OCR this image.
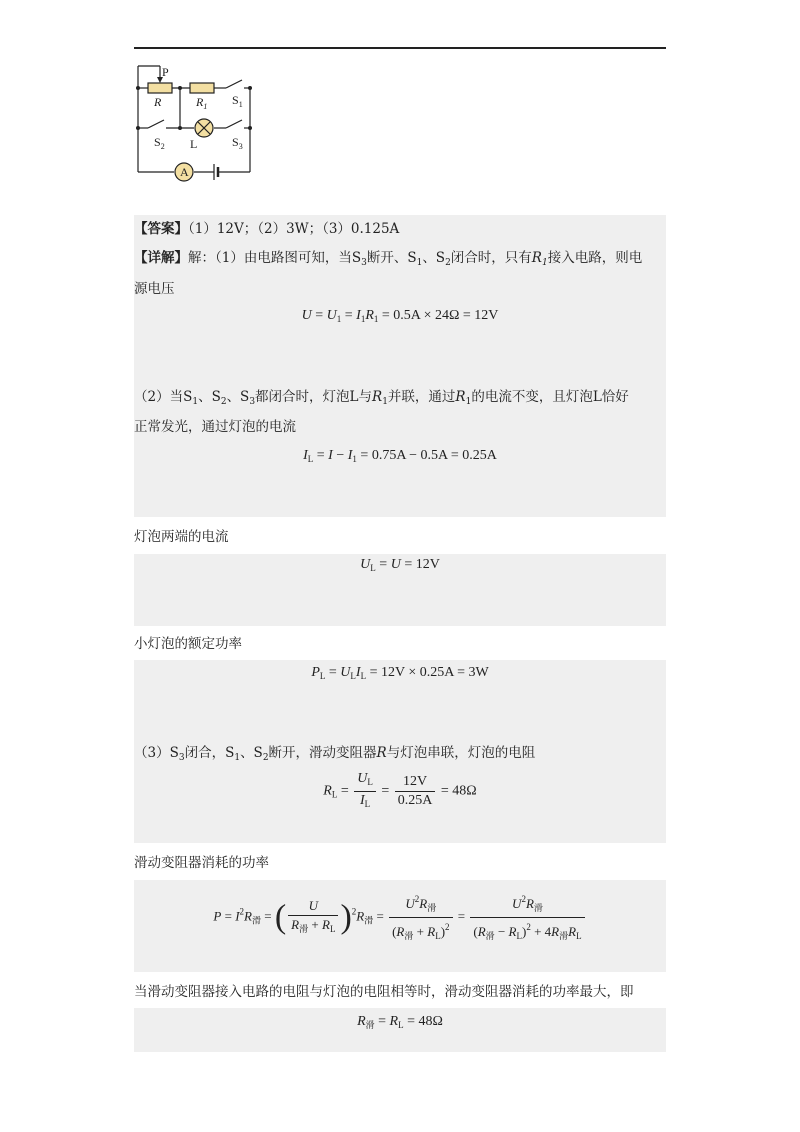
A
P
R	$R_1$ $S_1$
$S_2$ L	$S_3$
【答案】（1）12V；（2）3W；（3）0.125A
【详解】解：（1）由电路图可知，当$S_3$断开、$S_1$、$S_2$闭合时，只有$R_1$接入电路，则电
源电压
$U = U_1 = I_1R_1 = 0.5A \times 24\Omega = 12V$
（2）当$S_1$、$S_2$、$S_3$都闭合时，灯泡L与$R_1$并联，通过$R_1$的电流不变，且灯泡L恰好
正常发光，通过灯泡的电流
$I_L = I - I_1 = 0.75A - 0.5A = 0.25A$
灯泡两端的电流
$U_L = U = 12V$
小灯泡的额定功率
$P_L = U_LI_L = 12V \times 0.25A = 3W$
$(3)S_3$闭合，$S_1$、$S_2$断开，滑动变阻器R与灯泡串联，灯泡的电阻
$R_L = \frac{U_L}{I_L} = \frac{12V}{0.25A} = 48\Omega$
滑动变阻器消耗的功率
$P = I^2R_滑$ = ( $\frac{U}{R_滑 + R_L} )^2R_滑 = \frac{U^2R_滑}{(R_滑 + R_L)^2} = \frac{U^2R_滑}{(R_滑 - R_L)^2 + 4R_滑R_L}$
当滑动变阻器接入电路的电阻与灯泡的电阻相等时，滑动变阻器消耗的功率最大，即
$R_滑 = R_L = 48\Omega$
